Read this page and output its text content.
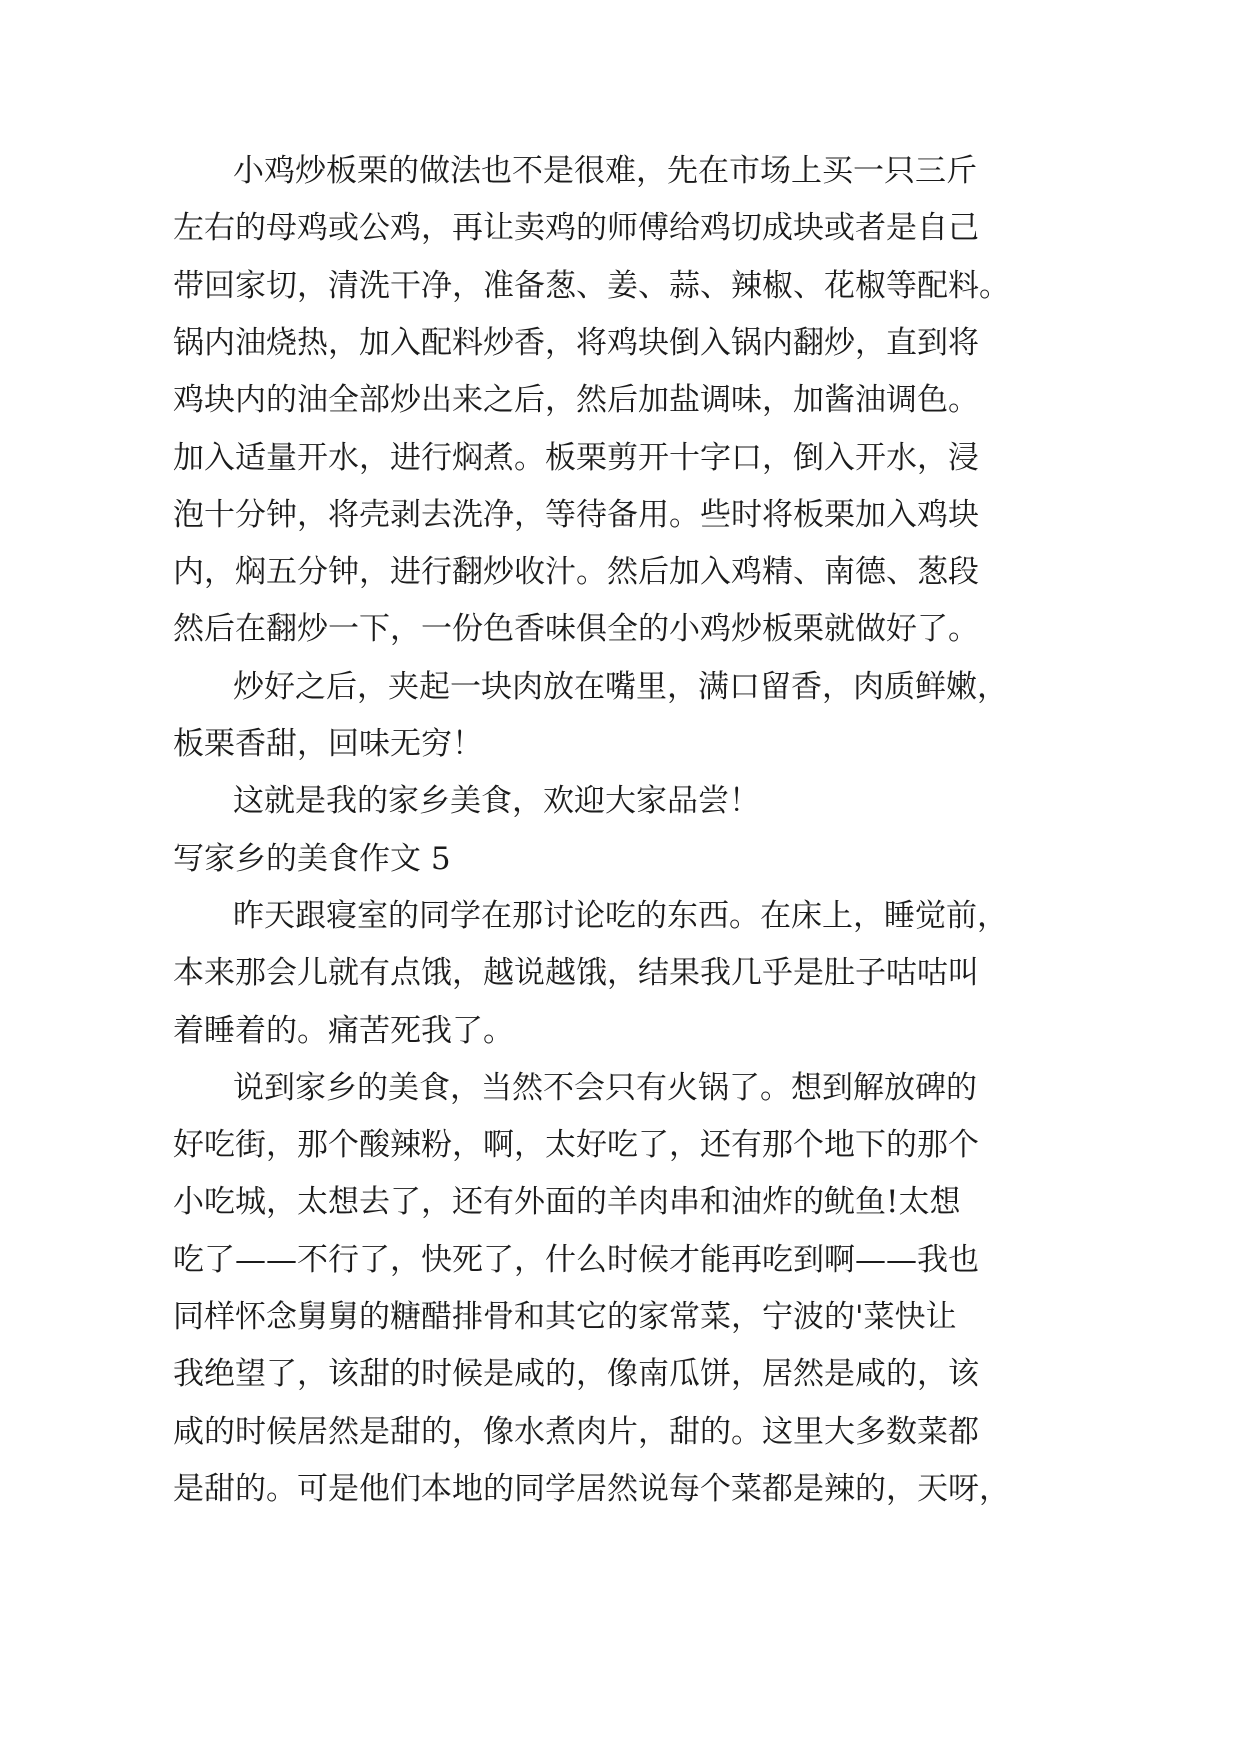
小鸡炒板栗的做法也不是很难，先在市场上买一只三斤
左右的母鸡或公鸡，再让卖鸡的师傅给鸡切成块或者是自己
带回家切，清洗干净，准备葱、姜、蒜、辣椒、花椒等配料。
锅内油烧热，加入配料炒香，将鸡块倒入锅内翻炒，直到将
鸡块内的油全部炒出来之后，然后加盐调味，加酱油调色。
加入适量开水，进行焖煮。板栗剪开十字口，倒入开水，浸
泡十分钟，将壳剥去洗净，等待备用。些时将板栗加入鸡块
内，焖五分钟，进行翻炒收汁。然后加入鸡精、南德、葱段
然后在翻炒一下，一份色香味俱全的小鸡炒板栗就做好了。
炒好之后，夹起一块肉放在嘴里，满口留香，肉质鲜嫩，
板栗香甜，回味无穷！
这就是我的家乡美食，欢迎大家品尝！
写家乡的美食作文 5
昨天跟寝室的同学在那讨论吃的东西。在床上，睡觉前，
本来那会儿就有点饿，越说越饿，结果我几乎是肚子咕咕叫
着睡着的。痛苦死我了。
说到家乡的美食，当然不会只有火锅了。想到解放碑的
好吃街，那个酸辣粉，啊，太好吃了，还有那个地下的那个
小吃城，太想去了，还有外面的羊肉串和油炸的鱿鱼!太想
吃了——不行了，快死了，什么时候才能再吃到啊——我也
同样怀念舅舅的糖醋排骨和其它的家常菜，宁波的'菜快让
我绝望了，该甜的时候是咸的，像南瓜饼，居然是咸的，该
咸的时候居然是甜的，像水煮肉片，甜的。这里大多数菜都
是甜的。可是他们本地的同学居然说每个菜都是辣的，天呀，
